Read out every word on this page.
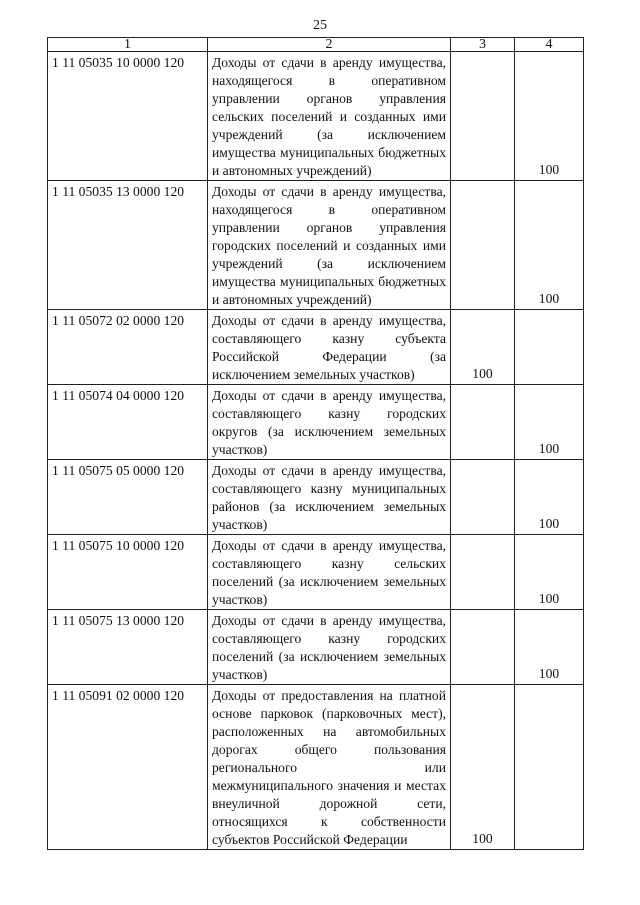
25
1	2	3	4
1 11 05035 10 0000 120	Доходы от сдачи в аренду имущества, находящегося в оперативном управлении органов управления сельских поселений и созданных ими учреждений (за исключением имущества муниципальных бюджетных и автономных учреждений)		100
1 11 05035 13 0000 120	Доходы от сдачи в аренду имущества, находящегося в оперативном управлении органов управления городских поселений и созданных ими учреждений (за исключением имущества муниципальных бюджетных и автономных учреждений)		100
1 11 05072 02 0000 120	Доходы от сдачи в аренду имущества, составляющего казну субъекта Российской Федерации (за исключением земельных участков)	100	
1 11 05074 04 0000 120	Доходы от сдачи в аренду имущества, составляющего казну городских округов (за исключением земельных участков)		100
1 11 05075 05 0000 120	Доходы от сдачи в аренду имущества, составляющего казну муниципальных районов (за исключением земельных участков)		100
1 11 05075 10 0000 120	Доходы от сдачи в аренду имущества, составляющего казну сельских поселений (за исключением земельных участков)		100
1 11 05075 13 0000 120	Доходы от сдачи в аренду имущества, составляющего казну городских поселений (за исключением земельных участков)		100
1 11 05091 02 0000 120	Доходы от предоставления на платной основе парковок (парковочных мест), расположенных на автомобильных дорогах общего пользования регионального или межмуниципального значения и местах внеуличной дорожной сети, относящихся к собственности субъектов Российской Федерации	100	
